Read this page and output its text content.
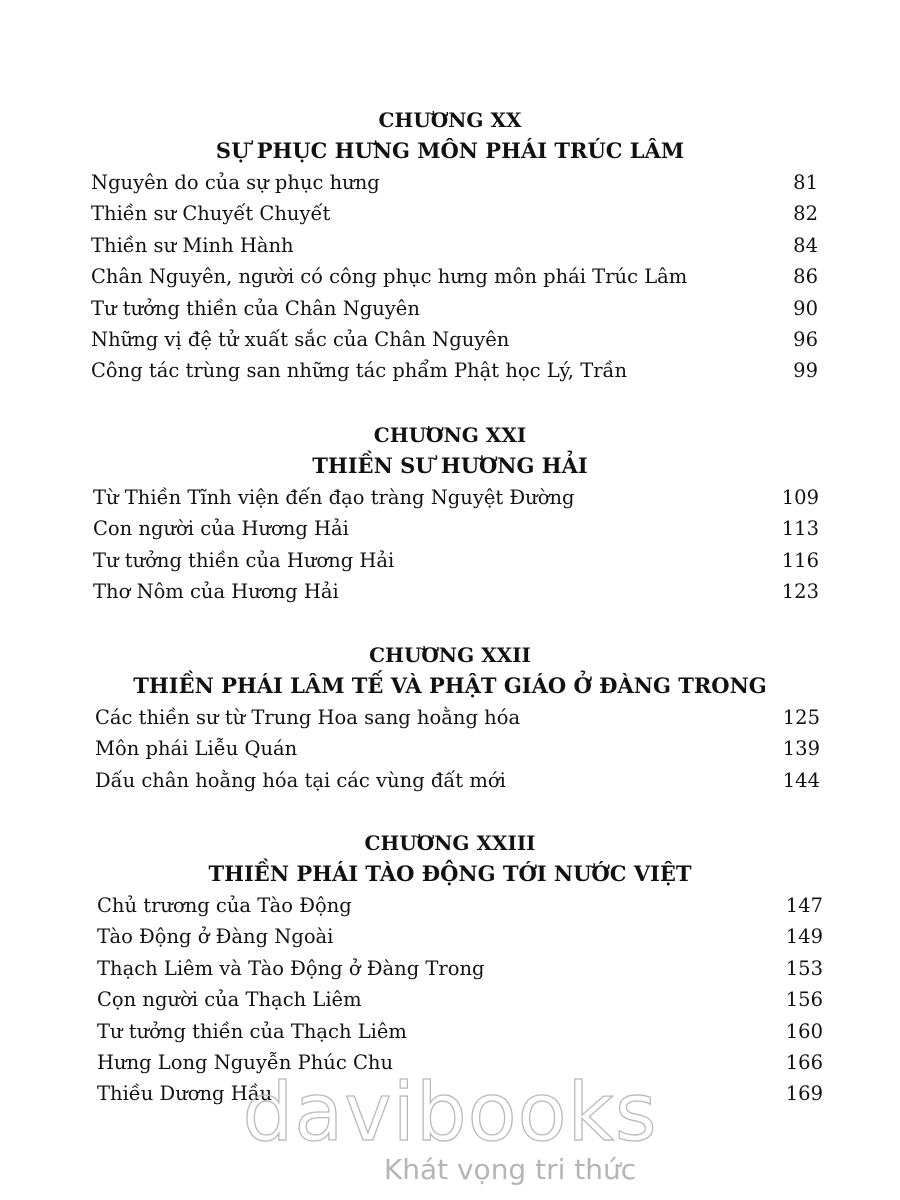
CHƯƠNG XX
SỰ PHỤC HƯNG MÔN PHÁI TRÚC LÂM
Nguyên do của sự phục hưng	81
Thiền sư Chuyết Chuyết	82
Thiền sư Minh Hành	84
Chân Nguyên, người có công phục hưng môn phái Trúc Lâm	86
Tư tưởng thiền của Chân Nguyên	90
Những vị đệ tử xuất sắc của Chân Nguyên	96
Công tác trùng san những tác phẩm Phật học Lý, Trần	99
CHƯƠNG XXI
THIỀN SƯ HƯƠNG HẢI
Từ Thiền Tĩnh viện đến đạo tràng Nguyệt Đường	109
Con người của Hương Hải	113
Tư tưởng thiền của Hương Hải	116
Thơ Nôm của Hương Hải	123
CHƯƠNG XXII
THIỀN PHÁI LÂM TẾ VÀ PHẬT GIÁO Ở ĐÀNG TRONG
Các thiền sư từ Trung Hoa sang hoằng hóa	125
Môn phái Liễu Quán	139
Dấu chân hoằng hóa tại các vùng đất mới	144
CHƯƠNG XXIII
THIỀN PHÁI TÀO ĐỘNG TỚI NƯỚC VIỆT
Chủ trương của Tào Động	147
Tào Động ở Đàng Ngoài	149
Thạch Liêm và Tào Động ở Đàng Trong	153
Cọn người của Thạch Liêm	156
Tư tưởng thiền của Thạch Liêm	160
Hưng Long Nguyễn Phúc Chu	166
Thiều Dương Hầu	169
davibooks
Khát vọng tri thức
